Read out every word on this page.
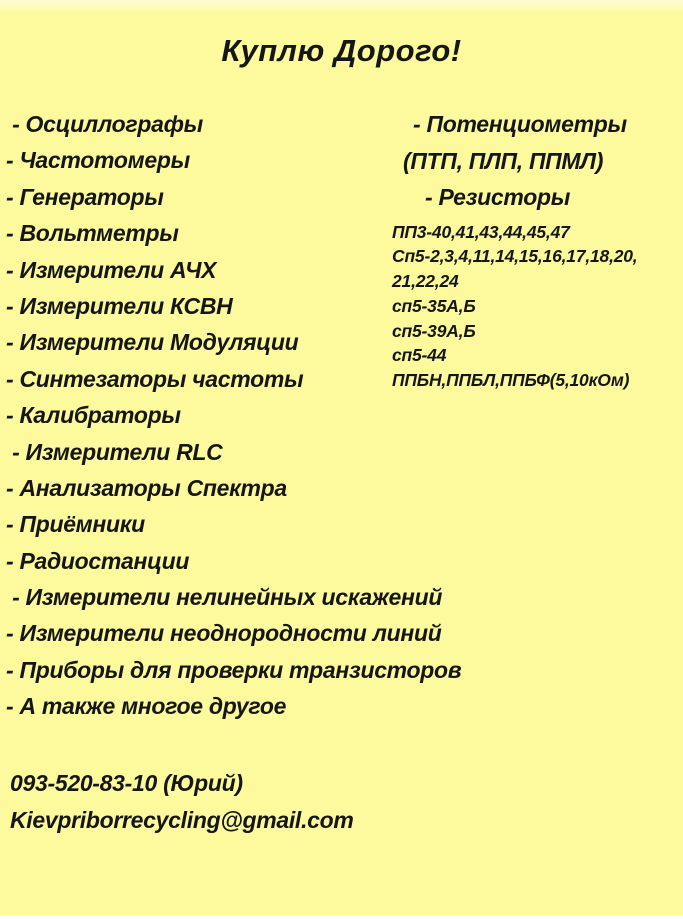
Куплю Дорого!
- Осциллографы
- Частотомеры
- Генераторы
- Вольтметры
- Измерители АЧХ
- Измерители КСВН
- Измерители Модуляции
- Синтезаторы частоты
- Калибраторы
- Измерители RLC
- Анализаторы Спектра
- Приёмники
- Радиостанции
- Измерители нелинейных искажений
- Измерители неоднородности линий
- Приборы для проверки транзисторов
- А также многое другое
- Потенциометры
(ПТП, ПЛП, ППМЛ)
- Резисторы
ПП3-40,41,43,44,45,47
Сп5-2,3,4,11,14,15,16,17,18,20,
21,22,24
сп5-35А,Б
сп5-39А,Б
сп5-44
ППБН,ППБЛ,ППБФ(5,10кОм)
093-520-83-10 (Юрий)
Kievpriborrecycling@gmail.com
